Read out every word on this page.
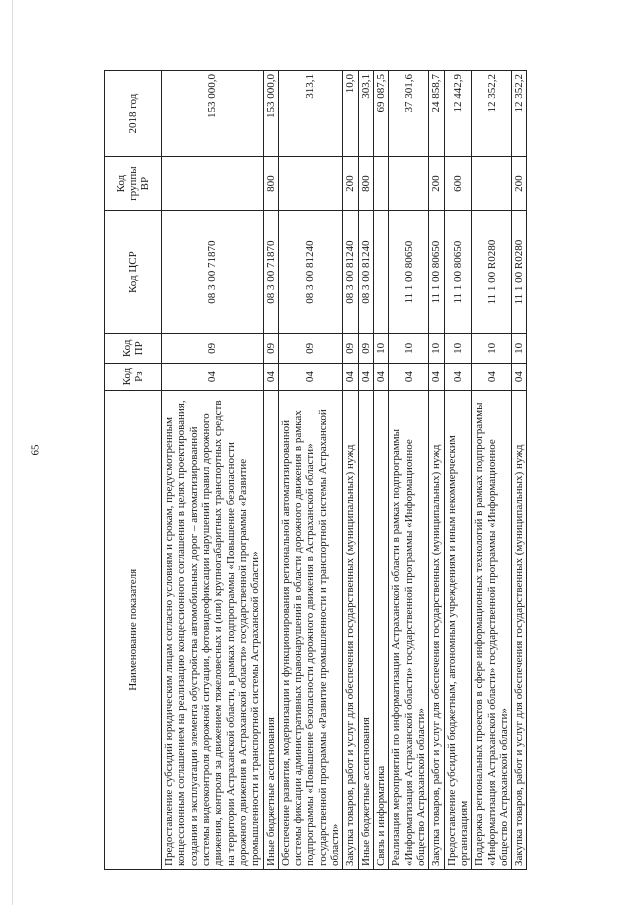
65
Наименование показателя	Код Рз	Код ПР	Код ЦСР	Код группы ВР	2018 год
Предоставление субсидий юридическим лицам согласно условиям и срокам, предусмотренным концессионным соглашением на реализацию концессионного соглашения в целях проектирования, создания и эксплуатации элемента обустройства автомобильных дорог – автоматизированной системы видеоконтроля дорожной ситуации, фотовидеофиксации нарушений правил дорожного движения, контроля за движением тяжеловесных и (или) крупногабаритных транспортных средств на территории Астраханской области, в рамках подпрограммы «Повышение безопасности дорожного движения в Астраханской области» государственной программы «Развитие промышленности и транспортной системы Астраханской области»	04	09	08 3 00 71870		153 000,0
Иные бюджетные ассигнования	04	09	08 3 00 71870	800	153 000,0
Обеспечение развития, модернизации и функционирования региональной автоматизированной системы фиксации административных правонарушений в области дорожного движения в рамках подпрограммы «Повышение безопасности дорожного движения в Астраханской области» государственной программы «Развитие промышленности и транспортной системы Астраханской области»	04	09	08 3 00 81240		313,1
Закупка товаров, работ и услуг для обеспечения государственных (муниципальных) нужд	04	09	08 3 00 81240	200	10,0
Иные бюджетные ассигнования	04	09	08 3 00 81240	800	303,1
Связь и информатика	04	10			69 087,5
Реализация мероприятий по информатизации Астраханской области в рамках подпрограммы «Информатизация Астраханской области» государственной программы «Информационное общество Астраханской области»	04	10	11 1 00 80650		37 301,6
Закупка товаров, работ и услуг для обеспечения государственных (муниципальных) нужд	04	10	11 1 00 80650	200	24 858,7
Предоставление субсидий бюджетным, автономным учреждениям и иным некоммерческим организациям	04	10	11 1 00 80650	600	12 442,9
Поддержка региональных проектов в сфере информационных технологий в рамках подпрограммы «Информатизация Астраханской области» государственной программы «Информационное общество Астраханской области»	04	10	11 1 00 R0280		12 352,2
Закупка товаров, работ и услуг для обеспечения государственных (муниципальных) нужд	04	10	11 1 00 R0280	200	12 352,2
